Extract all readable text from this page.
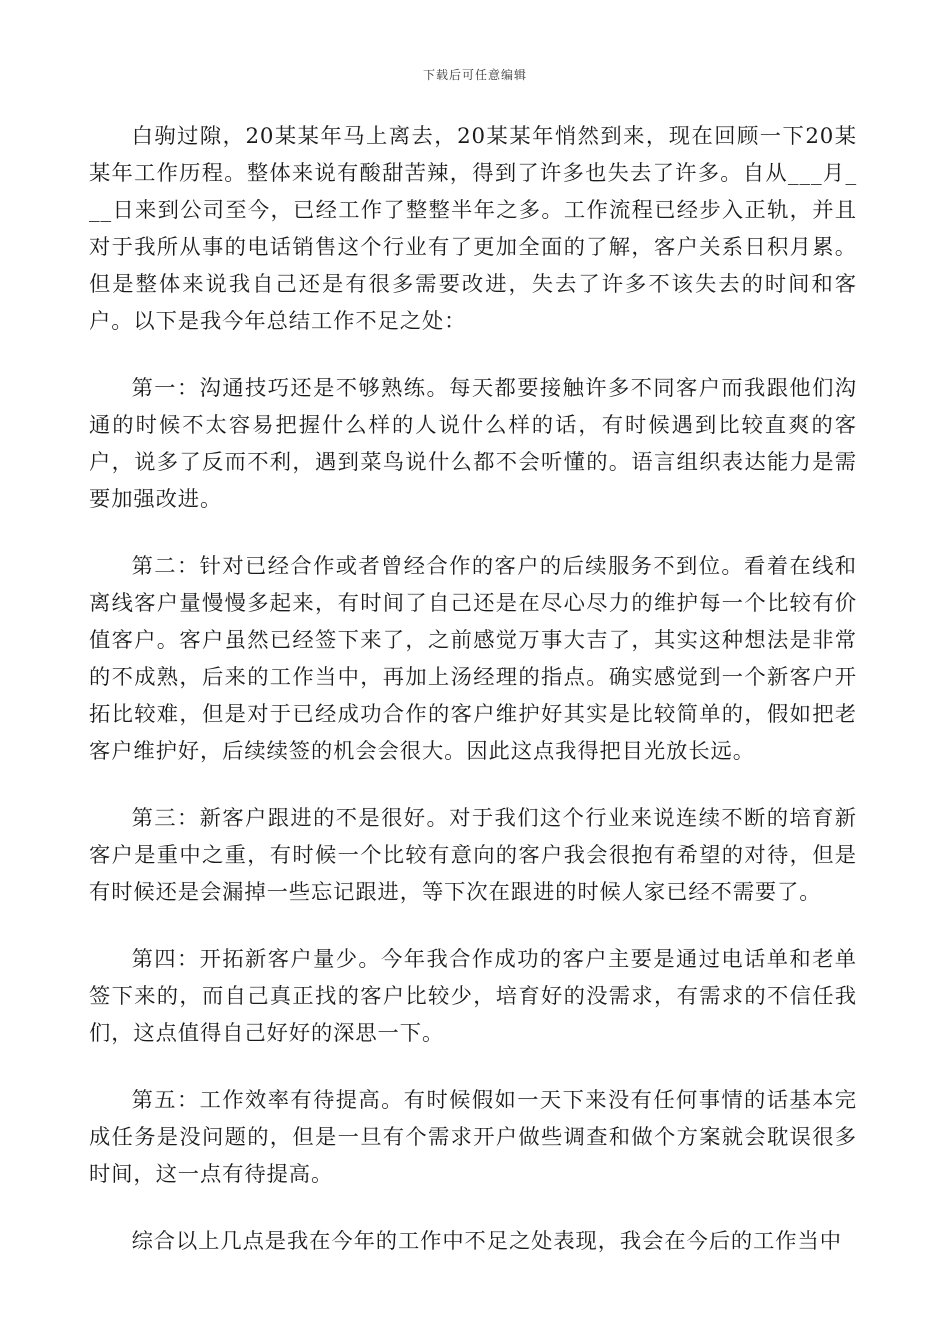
下载后可任意编辑

白驹过隙，20某某年马上离去，20某某年悄然到来，现在回顾一下20某某年工作历程。整体来说有酸甜苦辣，得到了许多也失去了许多。自从___月___日来到公司至今，已经工作了整整半年之多。工作流程已经步入正轨，并且对于我所从事的电话销售这个行业有了更加全面的了解，客户关系日积月累。但是整体来说我自己还是有很多需要改进，失去了许多不该失去的时间和客户。以下是我今年总结工作不足之处：

第一：沟通技巧还是不够熟练。每天都要接触许多不同客户而我跟他们沟通的时候不太容易把握什么样的人说什么样的话，有时候遇到比较直爽的客户，说多了反而不利，遇到菜鸟说什么都不会听懂的。语言组织表达能力是需要加强改进。

第二：针对已经合作或者曾经合作的客户的后续服务不到位。看着在线和离线客户量慢慢多起来，有时间了自己还是在尽心尽力的维护每一个比较有价值客户。客户虽然已经签下来了，之前感觉万事大吉了，其实这种想法是非常的不成熟，后来的工作当中，再加上汤经理的指点。确实感觉到一个新客户开拓比较难，但是对于已经成功合作的客户维护好其实是比较简单的，假如把老客户维护好，后续续签的机会会很大。因此这点我得把目光放长远。

第三：新客户跟进的不是很好。对于我们这个行业来说连续不断的培育新客户是重中之重，有时候一个比较有意向的客户我会很抱有希望的对待，但是有时候还是会漏掉一些忘记跟进，等下次在跟进的时候人家已经不需要了。

第四：开拓新客户量少。今年我合作成功的客户主要是通过电话单和老单签下来的，而自己真正找的客户比较少，培育好的没需求，有需求的不信任我们，这点值得自己好好的深思一下。

第五：工作效率有待提高。有时候假如一天下来没有任何事情的话基本完成任务是没问题的，但是一旦有个需求开户做些调查和做个方案就会耽误很多时间，这一点有待提高。

综合以上几点是我在今年的工作中不足之处表现，我会在今后的工作当中
